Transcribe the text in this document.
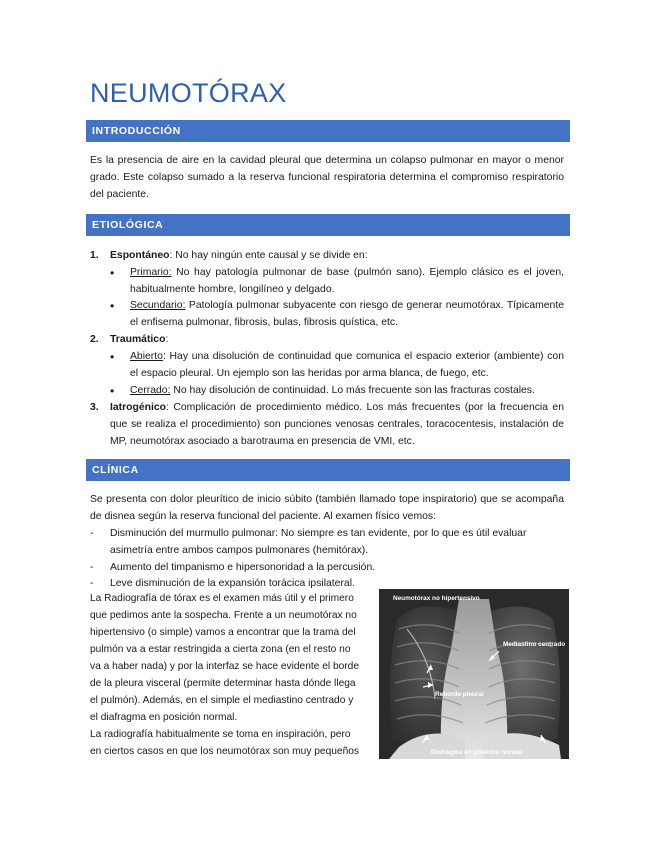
NEUMOTÓRAX
INTRODUCCIÓN
Es la presencia de aire en la cavidad pleural que determina un colapso pulmonar en mayor o menor grado. Este colapso sumado a la reserva funcional respiratoria determina el compromiso respiratorio del paciente.
ETIOLÓGICA
1. Espontáneo: No hay ningún ente causal y se divide en:
• Primario: No hay patología pulmonar de base (pulmón sano). Ejemplo clásico es el joven, habitualmente hombre, longilíneo y delgado.
• Secundario: Patología pulmonar subyacente con riesgo de generar neumotórax. Típicamente el enfisema pulmonar, fibrosis, bulas, fibrosis quística, etc.
2. Traumático:
• Abierto: Hay una disolución de continuidad que comunica el espacio exterior (ambiente) con el espacio pleural. Un ejemplo son las heridas por arma blanca, de fuego, etc.
• Cerrado: No hay disolución de continuidad. Lo más frecuente son las fracturas costales.
3. Iatrogénico: Complicación de procedimiento médico. Los más frecuentes (por la frecuencia en que se realiza el procedimiento) son punciones venosas centrales, toracocentesis, instalación de MP, neumotórax asociado a barotrauma en presencia de VMI, etc.
CLÍNICA
Se presenta con dolor pleurítico de inicio súbito (también llamado tope inspiratorio) que se acompaña de disnea según la reserva funcional del paciente. Al examen físico vemos:
- Disminución del murmullo pulmonar: No siempre es tan evidente, por lo que es útil evaluar asimetría entre ambos campos pulmonares (hemitórax).
- Aumento del timpanismo e hipersonoridad a la percusión.
- Leve disminución de la expansión torácica ipsilateral.
La Radiografía de tórax es el examen más útil y el primero
que pedimos ante la sospecha. Frente a un neumotórax no
hipertensivo (o simple) vamos a encontrar que la trama del
pulmón va a estar restringida a cierta zona (en el resto no
va a haber nada) y por la interfaz se hace evidente el borde
de la pleura visceral (permite determinar hasta dónde llega
el pulmón). Además, en el simple el mediastino centrado y
el diafragma en posición normal.
La radiografía habitualmente se toma en inspiración, pero
en ciertos casos en que los neumotórax son muy pequeños
Neumotórax no hipertensivo
Mediastino centrado
Reborde pleural
Diafragma en posición normal
